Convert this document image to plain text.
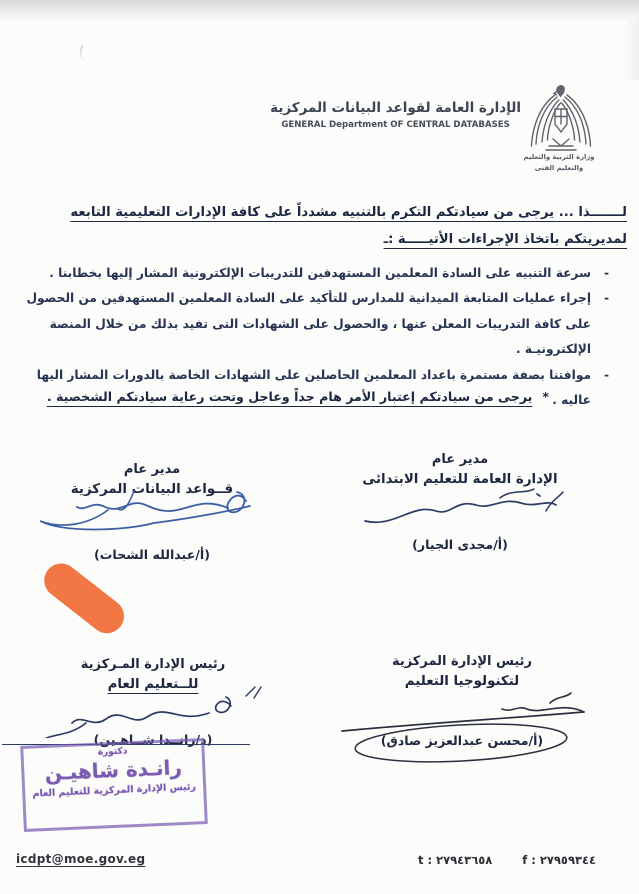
الإدارة العامة لقواعد البيانات المركزية
GENERAL Department OF CENTRAL DATABASES
وزارة التربية والتعليم
والتعليم الفنى
لـــــــذا ... يرجى من سيادتكم التكرم بالتنبيه مشدداً على كافة الإدارات التعليمية التابعه
لمديريتكم باتخاذ الإجراءات الأتيـــــة :ـ
-
سرعة التنبيه على السادة المعلمين المستهدفين للتدريبات الإلكترونية المشار إليها بخطابنا .
-
إجراء عمليات المتابعة الميدانية للمدارس للتأكيد على السادة المعلمين المستهدفين من الحصول على كافة التدريبات المعلن عنها ، والحصول على الشهادات التى تفيد بذلك من خلال المنصة الإلكترونيـة .
-
موافتنا بصفة مستمرة باعداد المعلمين الحاصلين على الشهادات الخاصة بالدورات المشار اليها عاليه .
*يرجى من سيادتكم إعتبار الأمر هام جداً وعاجل وتحت رعاية سيادتكم الشخصية .
مدير عام
الإدارة العامة للتعليم الابتدائى
(أ/مجدى الجيار)
مدير عام
قــواعد البيانات المركزية
(أ/عبدالله الشحات)
رئيس الإدارة المركزية
لتكنولوجيا التعليم
(أ/محسن عبدالعزيز صادق)
رئيس الإدارة المـركزية
للــتعليم العام
(د/رانــدا شــاهـين)
دكتورة
رانـدة شاهيـن
رئيس الإدارة المركزية للتعليم العام
icdpt@moe.gov.eg	t : ٢٧٩٤٣٦٥٨	f : ٢٧٩٥٩٣٤٤
